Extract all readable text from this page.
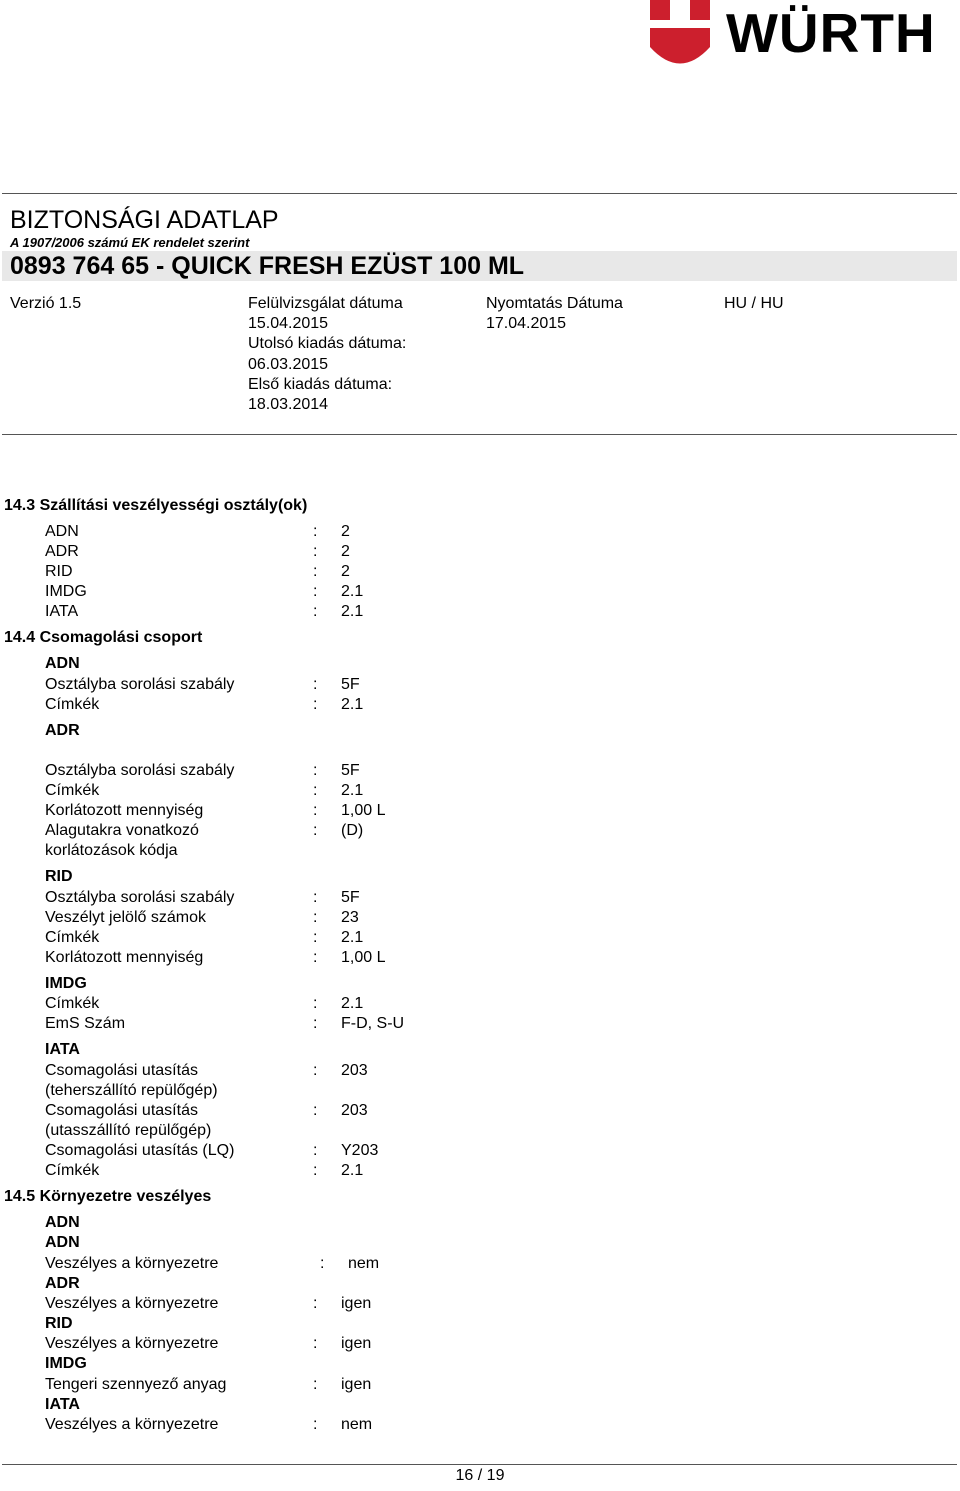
WÜRTH
BIZTONSÁGI ADATLAP
A 1907/2006 számú EK rendelet szerint
0893 764 65 - QUICK FRESH EZÜST 100 ML
Verzió 1.5	Felülvizsgálat dátuma
15.04.2015
Utolsó kiadás dátuma:
06.03.2015
Első kiadás dátuma:
18.03.2014
Nyomtatás Dátuma
17.04.2015
HU / HU
14.3 Szállítási veszélyességi osztály(ok)
ADN	: 2
ADR	: 2
RID	: 2
IMDG	: 2.1
IATA	: 2.1
14.4 Csomagolási csoport
ADN
Osztályba sorolási szabály	: 5F
Címkék	: 2.1
ADR
Osztályba sorolási szabály	: 5F
Címkék	: 2.1
Korlátozott mennyiség	: 1,00 L
Alagutakra vonatkozó	: (D)
korlátozások kódja
RID
Osztályba sorolási szabály	: 5F
Veszélyt jelölő számok	: 23
Címkék	: 2.1
Korlátozott mennyiség	: 1,00 L
IMDG
Címkék	: 2.1
EmS Szám	: F-D, S-U
IATA
Csomagolási utasítás	: 203
(teherszállító repülőgép)
Csomagolási utasítás	: 203
(utasszállító repülőgép)
Csomagolási utasítás (LQ)	: Y203
Címkék	: 2.1
14.5 Környezetre veszélyes
ADN
ADN
Veszélyes a környezetre	: nem
ADR
Veszélyes a környezetre	: igen
RID
Veszélyes a környezetre	: igen
IMDG
Tengeri szennyező anyag	: igen
IATA
Veszélyes a környezetre	: nem
16 / 19
